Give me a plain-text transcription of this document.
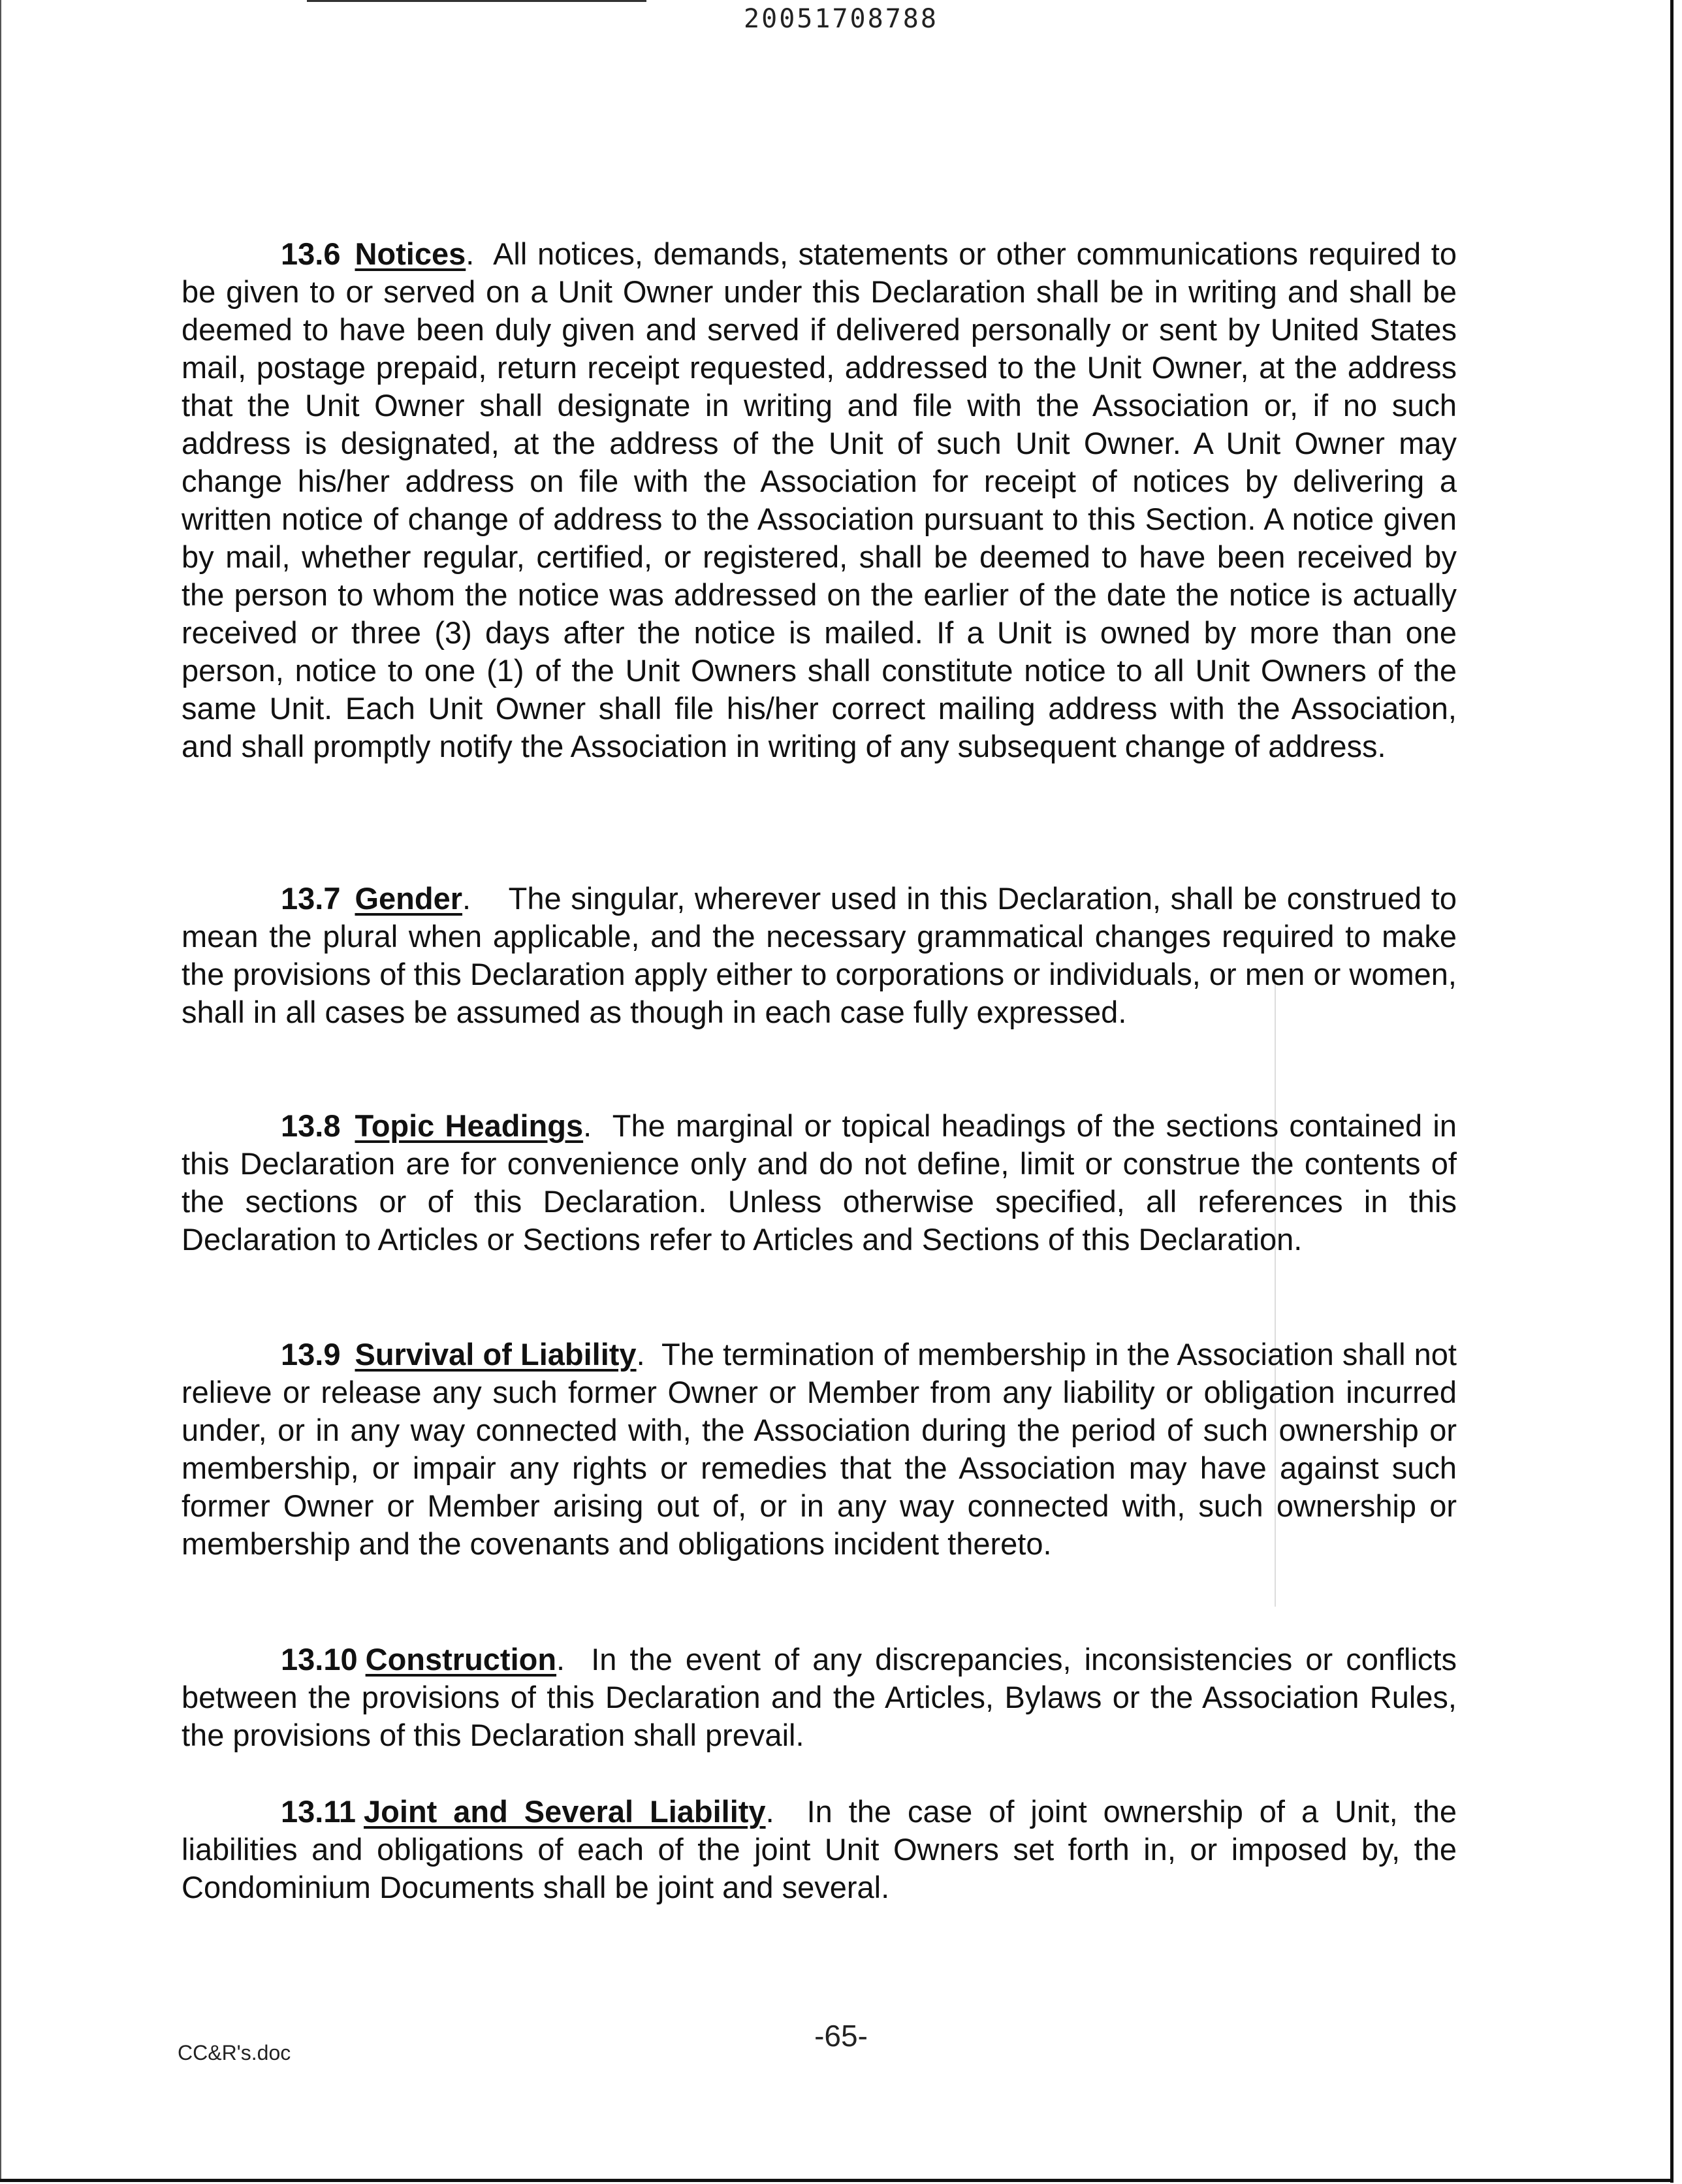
20051708788

13.6 Notices.  All notices, demands, statements or other communications required to be given to or served on a Unit Owner under this Declaration shall be in writing and shall be deemed to have been duly given and served if delivered personally or sent by United States mail, postage prepaid, return receipt requested, addressed to the Unit Owner, at the address that the Unit Owner shall designate in writing and file with the Association or, if no such address is designated, at the address of the Unit of such Unit Owner. A Unit Owner may change his/her address on file with the Association for receipt of notices by delivering a written notice of change of address to the Association pursuant to this Section. A notice given by mail, whether regular, certified, or registered, shall be deemed to have been received by the person to whom the notice was addressed on the earlier of the date the notice is actually received or three (3) days after the notice is mailed. If a Unit is owned by more than one person, notice to one (1) of the Unit Owners shall constitute notice to all Unit Owners of the same Unit. Each Unit Owner shall file his/her correct mailing address with the Association, and shall promptly notify the Association in writing of any subsequent change of address.

13.7 Gender.    The singular, wherever used in this Declaration, shall be construed to mean the plural when applicable, and the necessary grammatical changes required to make the provisions of this Declaration apply either to corporations or individuals, or men or women, shall in all cases be assumed as though in each case fully expressed.

13.8 Topic Headings.  The marginal or topical headings of the sections contained in this Declaration are for convenience only and do not define, limit or construe the contents of the sections or of this Declaration. Unless otherwise specified, all references in this Declaration to Articles or Sections refer to Articles and Sections of this Declaration.

13.9 Survival of Liability.  The termination of membership in the Association shall not relieve or release any such former Owner or Member from any liability or obligation incurred under, or in any way connected with, the Association during the period of such ownership or membership, or impair any rights or remedies that the Association may have against such former Owner or Member arising out of, or in any way connected with, such ownership or membership and the covenants and obligations incident thereto.

13.10 Construction.  In the event of any discrepancies, inconsistencies or conflicts between the provisions of this Declaration and the Articles, Bylaws or the Association Rules, the provisions of this Declaration shall prevail.

13.11 Joint and Several Liability.  In the case of joint ownership of a Unit, the liabilities and obligations of each of the joint Unit Owners set forth in, or imposed by, the Condominium Documents shall be joint and several.

-65-
CC&R's.doc
